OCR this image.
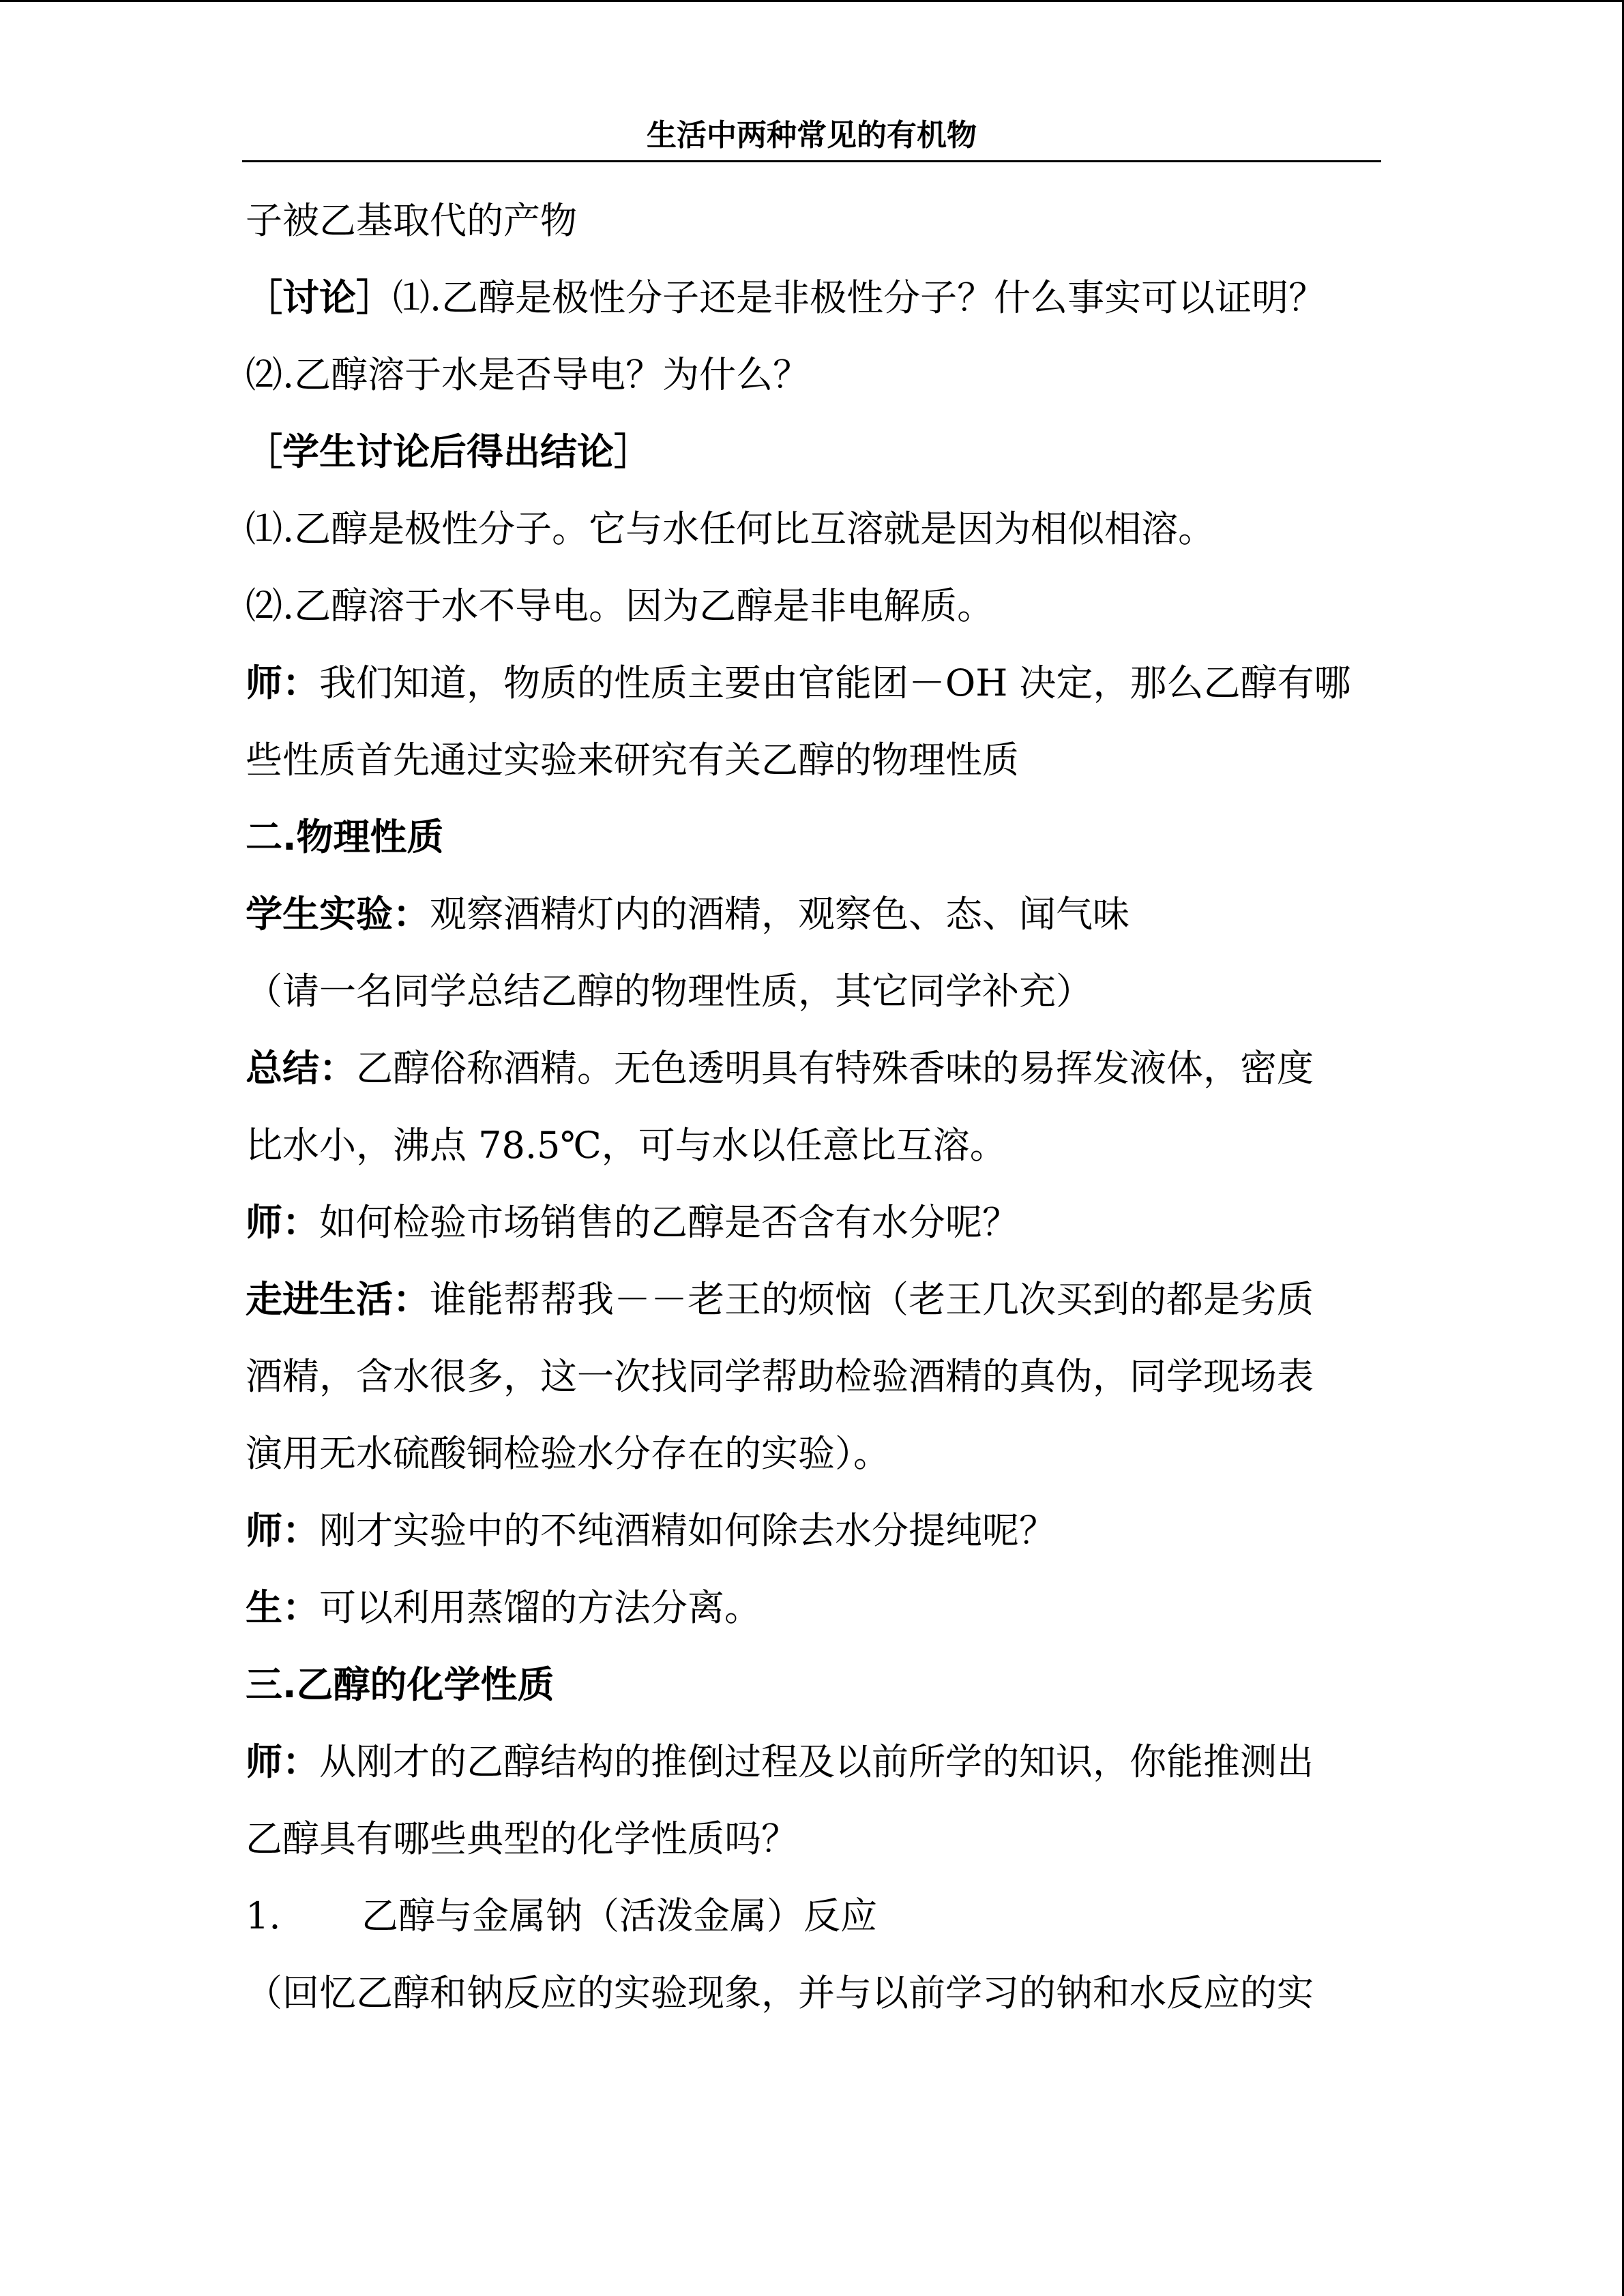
生活中两种常见的有机物
子被乙基取代的产物
［讨论］⑴.乙醇是极性分子还是非极性分子？什么事实可以证明？
⑵.乙醇溶于水是否导电？为什么？
［学生讨论后得出结论］
⑴.乙醇是极性分子。它与水任何比互溶就是因为相似相溶。
⑵.乙醇溶于水不导电。因为乙醇是非电解质。
师：我们知道，物质的性质主要由官能团－OH 决定，那么乙醇有哪
些性质首先通过实验来研究有关乙醇的物理性质
二.物理性质
学生实验：观察酒精灯内的酒精，观察色、态、闻气味
（请一名同学总结乙醇的物理性质，其它同学补充）
总结：乙醇俗称酒精。无色透明具有特殊香味的易挥发液体，密度
比水小，沸点 78.5℃，可与水以任意比互溶。
师：如何检验市场销售的乙醇是否含有水分呢？
走进生活：谁能帮帮我－－老王的烦恼（老王几次买到的都是劣质
酒精，含水很多，这一次找同学帮助检验酒精的真伪，同学现场表
演用无水硫酸铜检验水分存在的实验）。
师：刚才实验中的不纯酒精如何除去水分提纯呢？
生：可以利用蒸馏的方法分离。
三.乙醇的化学性质
师：从刚才的乙醇结构的推倒过程及以前所学的知识，你能推测出
乙醇具有哪些典型的化学性质吗？
1. 乙醇与金属钠（活泼金属）反应
（回忆乙醇和钠反应的实验现象，并与以前学习的钠和水反应的实
